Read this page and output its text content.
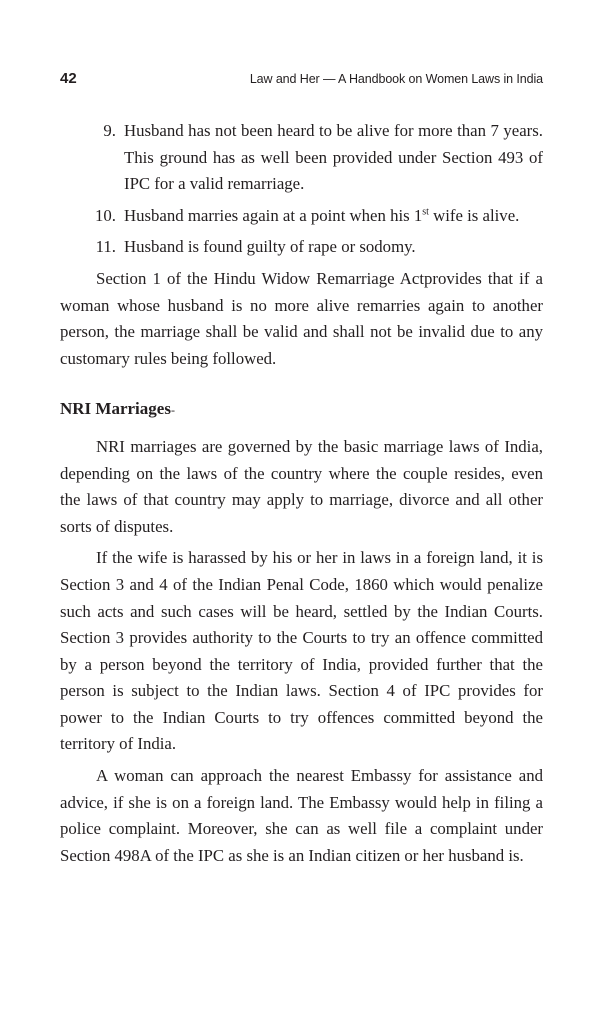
42	Law and Her — A Handbook on Women Laws in India
9. Husband has not been heard to be alive for more than 7 years. This ground has as well been provided under Section 493 of IPC for a valid remarriage.
10. Husband marries again at a point when his 1st wife is alive.
11. Husband is found guilty of rape or sodomy.

Section 1 of the Hindu Widow Remarriage Actprovides that if a woman whose husband is no more alive remarries again to another person, the marriage shall be valid and shall not be invalid due to any customary rules being followed.

NRI Marriages-

NRI marriages are governed by the basic marriage laws of India, depending on the laws of the country where the couple resides, even the laws of that country may apply to marriage, divorce and all other sorts of disputes.

If the wife is harassed by his or her in laws in a foreign land, it is Section 3 and 4 of the Indian Penal Code, 1860 which would penalize such acts and such cases will be heard, settled by the Indian Courts. Section 3 provides authority to the Courts to try an offence committed by a person beyond the territory of India, provided further that the person is subject to the Indian laws. Section 4 of IPC provides for power to the Indian Courts to try offences committed beyond the territory of India.

A woman can approach the nearest Embassy for assistance and advice, if she is on a foreign land. The Embassy would help in filing a police complaint. Moreover, she can as well file a complaint under Section 498A of the IPC as she is an Indian citizen or her husband is.
